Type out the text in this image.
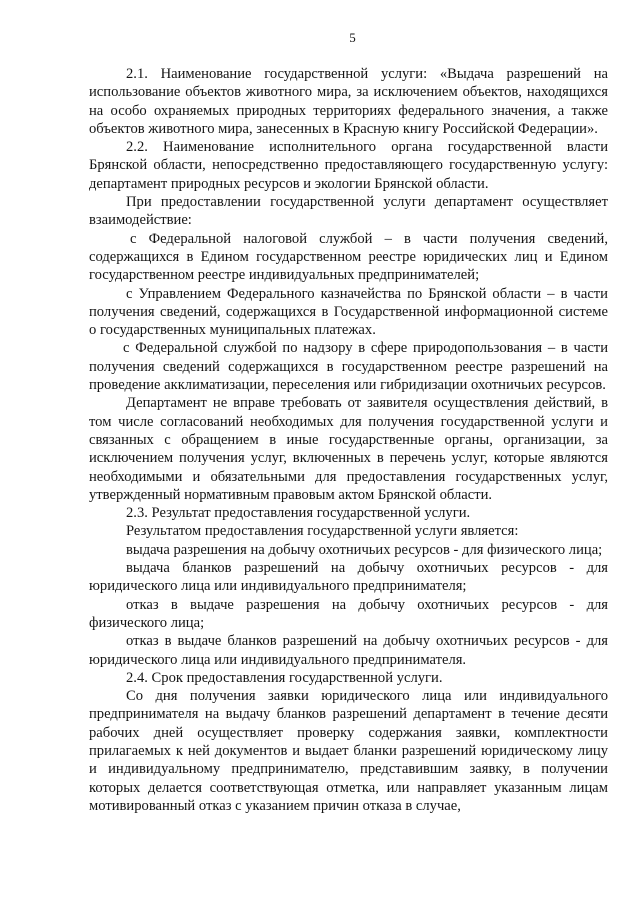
5

2.1. Наименование государственной услуги: «Выдача разрешений на использование объектов животного мира, за исключением объектов, находящихся на особо охраняемых природных территориях федерального значения, а также объектов животного мира, занесенных в Красную книгу Российской Федерации».

2.2. Наименование исполнительного органа государственной власти Брянской области, непосредственно предоставляющего государственную услугу: департамент природных ресурсов и экологии Брянской области.

При предоставлении государственной услуги департамент осуществляет взаимодействие:

с Федеральной налоговой службой – в части получения сведений, содержащихся в Едином государственном реестре юридических лиц и Едином государственном реестре индивидуальных предпринимателей;

с Управлением Федерального казначейства по Брянской области – в части получения сведений, содержащихся в Государственной информационной системе о государственных муниципальных платежах.

с Федеральной службой по надзору в сфере природопользования – в части получения сведений содержащихся в государственном реестре разрешений на проведение акклиматизации, переселения или гибридизации охотничьих ресурсов.

Департамент не вправе требовать от заявителя осуществления действий, в том числе согласований необходимых для получения государственной услуги и связанных с обращением в иные государственные органы, организации, за исключением получения услуг, включенных в перечень услуг, которые являются необходимыми и обязательными для предоставления государственных услуг, утвержденный нормативным правовым актом Брянской области.

2.3. Результат предоставления государственной услуги.

Результатом предоставления государственной услуги является:

выдача разрешения на добычу охотничьих ресурсов - для физического лица;

выдача бланков разрешений на добычу охотничьих ресурсов - для юридического лица или индивидуального предпринимателя;

отказ в выдаче разрешения на добычу охотничьих ресурсов - для физического лица;

отказ в выдаче бланков разрешений на добычу охотничьих ресурсов - для юридического лица или индивидуального предпринимателя.

2.4. Срок предоставления государственной услуги.

Со дня получения заявки юридического лица или индивидуального предпринимателя на выдачу бланков разрешений департамент в течение десяти рабочих дней осуществляет проверку содержания заявки, комплектности прилагаемых к ней документов и выдает бланки разрешений юридическому лицу и индивидуальному предпринимателю, представившим заявку, в получении которых делается соответствующая отметка, или направляет указанным лицам мотивированный отказ с указанием причин отказа в случае,
